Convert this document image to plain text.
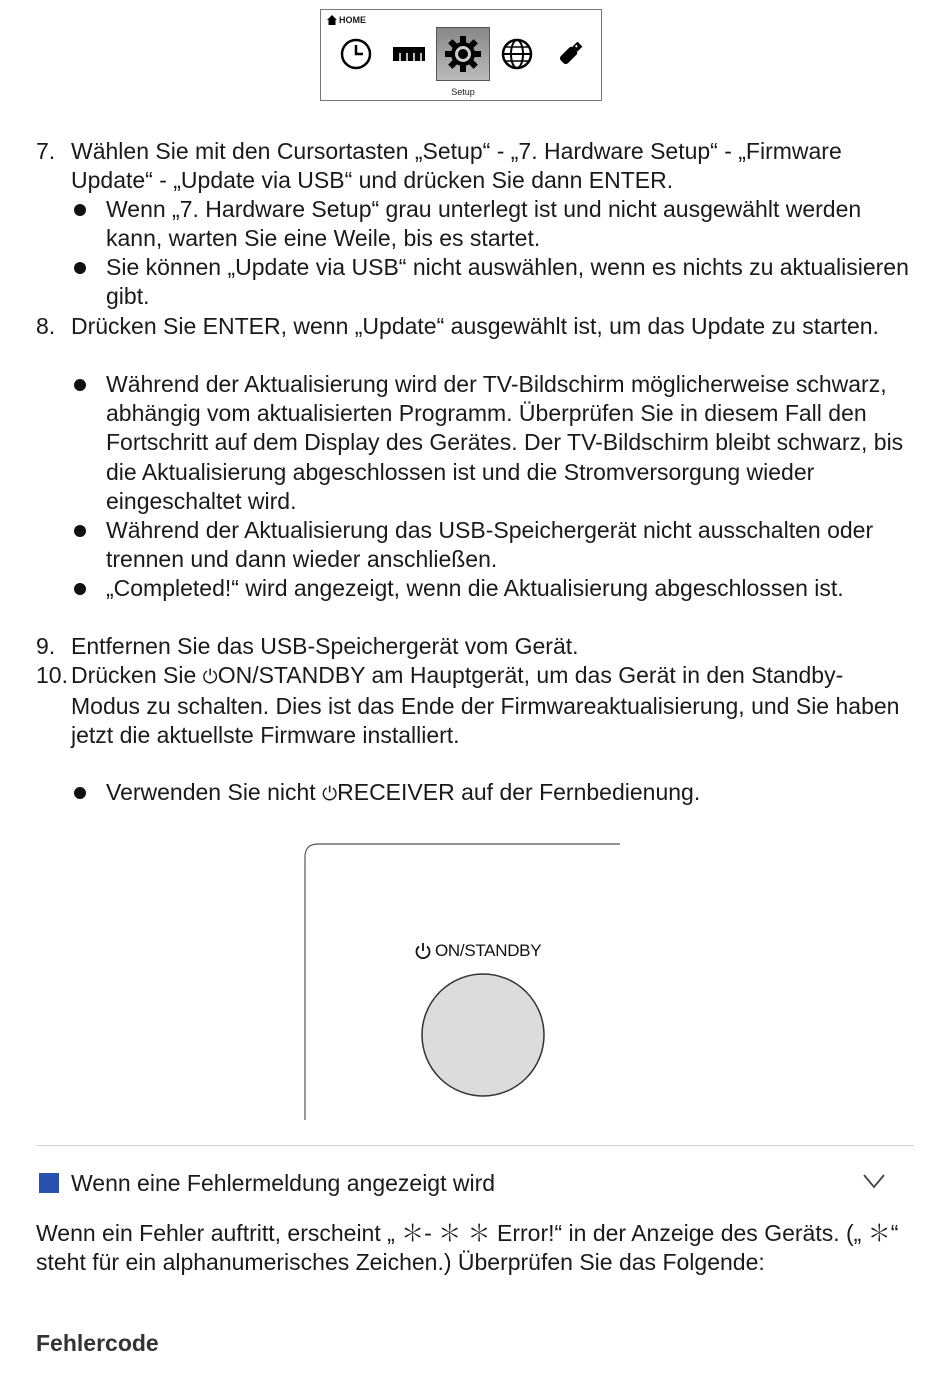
HOME
Setup
7. Wählen Sie mit den Cursortasten „Setup“ - „7. Hardware Setup“ - „Firmware Update“ - „Update via USB“ und drücken Sie dann ENTER.
Wenn „7. Hardware Setup“ grau unterlegt ist und nicht ausgewählt werden kann, warten Sie eine Weile, bis es startet.
Sie können „Update via USB“ nicht auswählen, wenn es nichts zu aktualisieren gibt.
8. Drücken Sie ENTER, wenn „Update“ ausgewählt ist, um das Update zu starten.
Während der Aktualisierung wird der TV-Bildschirm möglicherweise schwarz, abhängig vom aktualisierten Programm. Überprüfen Sie in diesem Fall den Fortschritt auf dem Display des Gerätes. Der TV-Bildschirm bleibt schwarz, bis die Aktualisierung abgeschlossen ist und die Stromversorgung wieder eingeschaltet wird.
Während der Aktualisierung das USB-Speichergerät nicht ausschalten oder trennen und dann wieder anschließen.
„Completed!“ wird angezeigt, wenn die Aktualisierung abgeschlossen ist.
9. Entfernen Sie das USB-Speichergerät vom Gerät.
10. Drücken Sie ⏻ON/STANDBY am Hauptgerät, um das Gerät in den Standby-Modus zu schalten. Dies ist das Ende der Firmwareaktualisierung, und Sie haben jetzt die aktuellste Firmware installiert.
Verwenden Sie nicht ⏻RECEIVER auf der Fernbedienung.
ON/STANDBY
Wenn eine Fehlermeldung angezeigt wird
Wenn ein Fehler auftritt, erscheint „ ＊- ＊ ＊ Error!“ in der Anzeige des Geräts. („ ＊“ steht für ein alphanumerisches Zeichen.) Überprüfen Sie das Folgende:
Fehlercode
